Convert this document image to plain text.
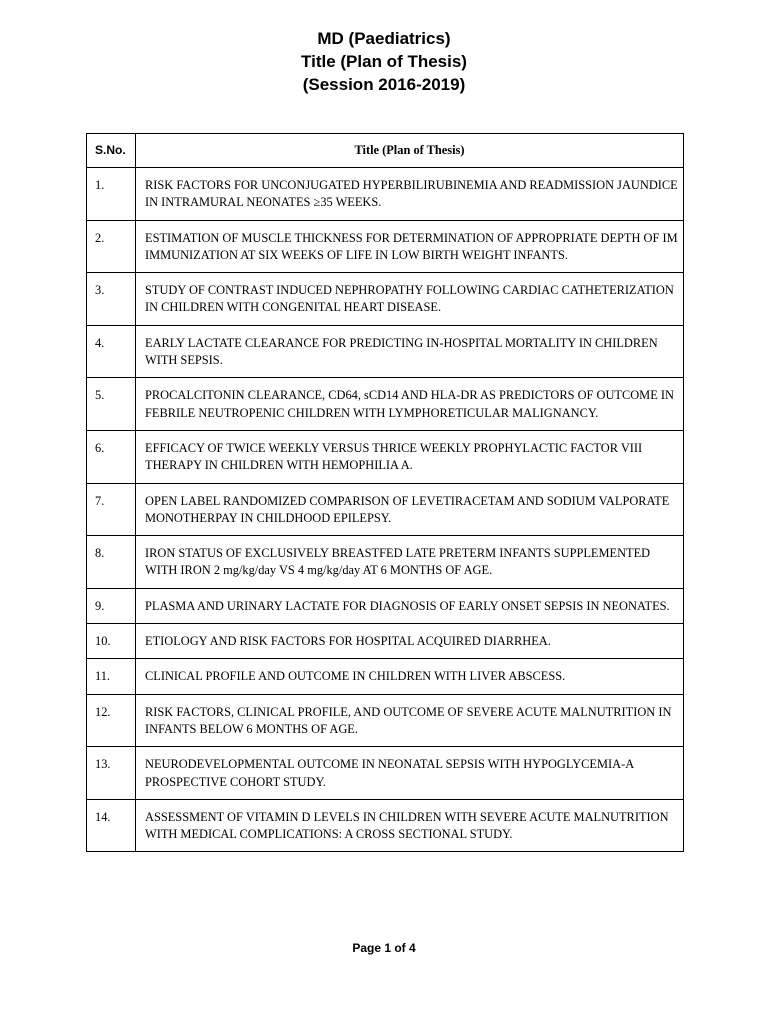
MD (Paediatrics)
Title (Plan of Thesis)
(Session 2016-2019)
S.No.	Title (Plan of Thesis)
1.	RISK FACTORS FOR UNCONJUGATED HYPERBILIRUBINEMIA AND READMISSION JAUNDICE IN INTRAMURAL NEONATES ≥35 WEEKS.
2.	ESTIMATION OF MUSCLE THICKNESS FOR DETERMINATION OF APPROPRIATE DEPTH OF IM IMMUNIZATION AT SIX WEEKS OF LIFE IN LOW BIRTH WEIGHT INFANTS.
3.	STUDY OF CONTRAST INDUCED NEPHROPATHY FOLLOWING CARDIAC CATHETERIZATION IN CHILDREN WITH CONGENITAL HEART DISEASE.
4.	EARLY LACTATE CLEARANCE FOR PREDICTING IN-HOSPITAL MORTALITY IN CHILDREN WITH SEPSIS.
5.	PROCALCITONIN CLEARANCE, CD64, sCD14 AND HLA-DR AS PREDICTORS OF OUTCOME IN FEBRILE NEUTROPENIC CHILDREN WITH LYMPHORETICULAR MALIGNANCY.
6.	EFFICACY OF TWICE WEEKLY VERSUS THRICE WEEKLY PROPHYLACTIC FACTOR VIII THERAPY IN CHILDREN WITH HEMOPHILIA A.
7.	OPEN LABEL RANDOMIZED COMPARISON OF LEVETIRACETAM AND SODIUM VALPORATE MONOTHERPAY IN CHILDHOOD EPILEPSY.
8.	IRON STATUS OF EXCLUSIVELY BREASTFED LATE PRETERM INFANTS SUPPLEMENTED WITH IRON 2 mg/kg/day VS 4 mg/kg/day AT 6 MONTHS OF AGE.
9.	PLASMA AND URINARY LACTATE FOR DIAGNOSIS OF EARLY ONSET SEPSIS IN NEONATES.
10.	ETIOLOGY AND RISK FACTORS FOR HOSPITAL ACQUIRED DIARRHEA.
11.	CLINICAL PROFILE AND OUTCOME IN CHILDREN WITH LIVER ABSCESS.
12.	RISK FACTORS, CLINICAL PROFILE, AND OUTCOME OF SEVERE ACUTE MALNUTRITION IN INFANTS BELOW 6 MONTHS OF AGE.
13.	NEURODEVELOPMENTAL OUTCOME IN NEONATAL SEPSIS WITH HYPOGLYCEMIA-A PROSPECTIVE COHORT STUDY.
14.	ASSESSMENT OF VITAMIN D LEVELS IN CHILDREN WITH SEVERE ACUTE MALNUTRITION WITH MEDICAL COMPLICATIONS: A CROSS SECTIONAL STUDY.
Page 1 of 4
